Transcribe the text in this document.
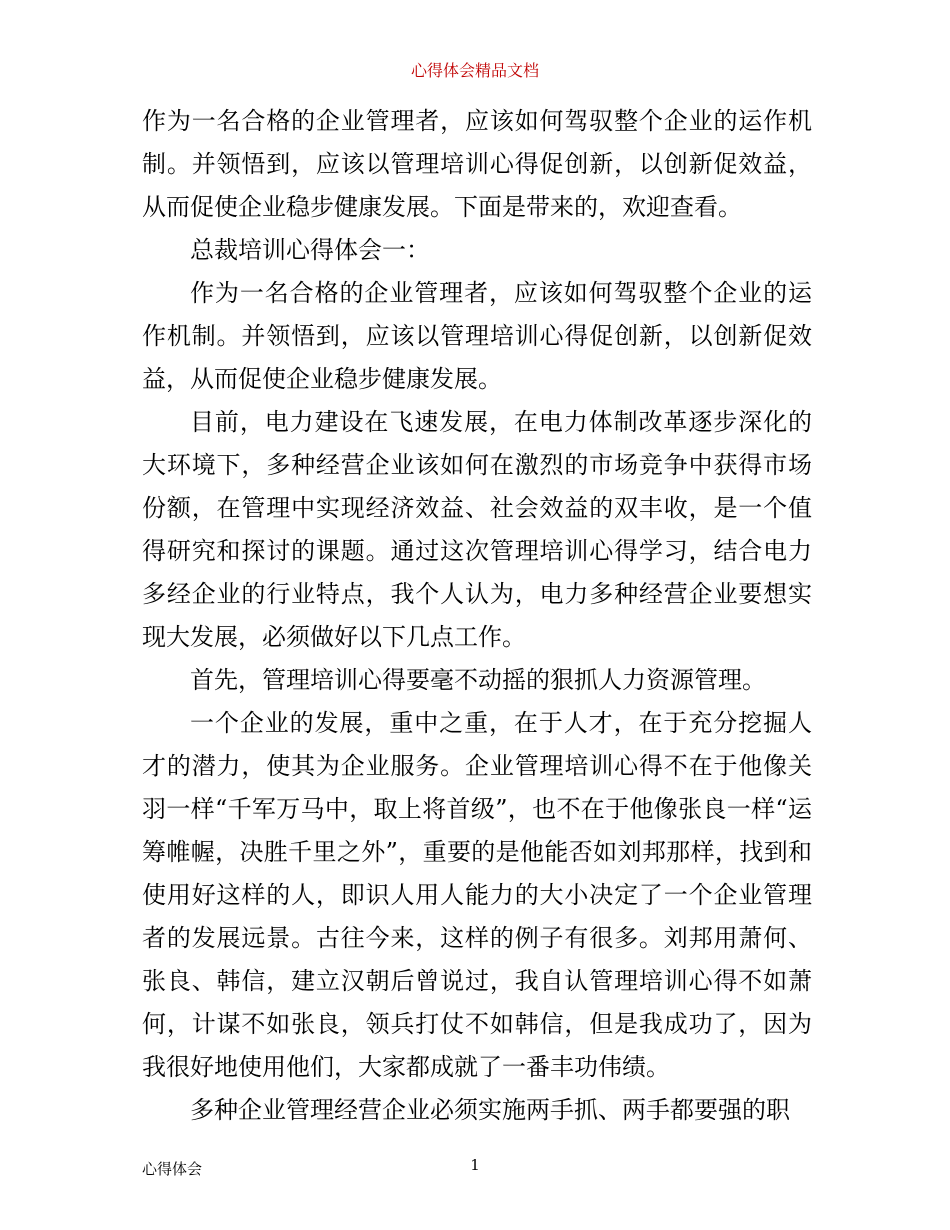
心得体会精品文档

作为一名合格的企业管理者，应该如何驾驭整个企业的运作机制。并领悟到，应该以管理培训心得促创新，以创新促效益，从而促使企业稳步健康发展。下面是带来的，欢迎查看。

总裁培训心得体会一：

作为一名合格的企业管理者，应该如何驾驭整个企业的运作机制。并领悟到，应该以管理培训心得促创新，以创新促效益，从而促使企业稳步健康发展。

目前，电力建设在飞速发展，在电力体制改革逐步深化的大环境下，多种经营企业该如何在激烈的市场竞争中获得市场份额，在管理中实现经济效益、社会效益的双丰收，是一个值得研究和探讨的课题。通过这次管理培训心得学习，结合电力多经企业的行业特点，我个人认为，电力多种经营企业要想实现大发展，必须做好以下几点工作。

首先，管理培训心得要毫不动摇的狠抓人力资源管理。

一个企业的发展，重中之重，在于人才，在于充分挖掘人才的潜力，使其为企业服务。企业管理培训心得不在于他像关羽一样“千军万马中，取上将首级”，也不在于他像张良一样“运筹帷幄，决胜千里之外”，重要的是他能否如刘邦那样，找到和使用好这样的人，即识人用人能力的大小决定了一个企业管理者的发展远景。古往今来，这样的例子有很多。刘邦用萧何、张良、韩信，建立汉朝后曾说过，我自认管理培训心得不如萧何，计谋不如张良，领兵打仗不如韩信，但是我成功了，因为我很好地使用他们，大家都成就了一番丰功伟绩。

多种企业管理经营企业必须实施两手抓、两手都要强的职

心得体会	1
